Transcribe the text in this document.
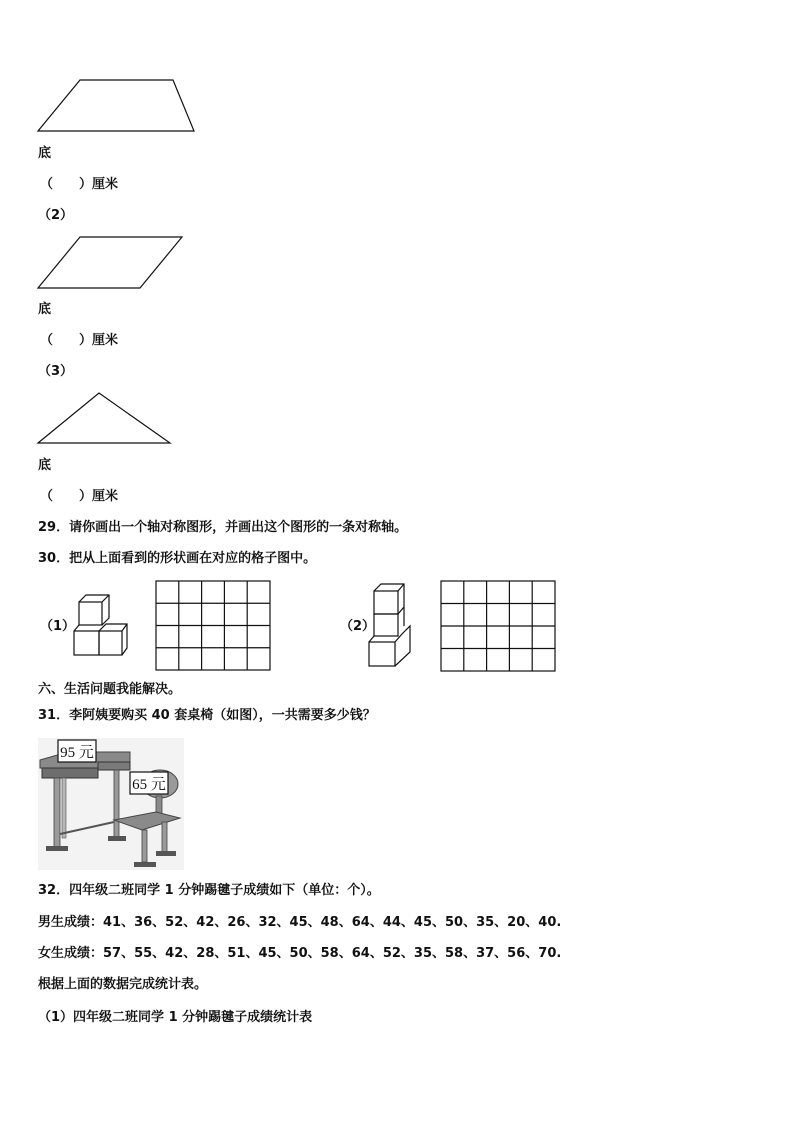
底
（　　）厘米
（2）
底
（　　）厘米
（3）
底
（　　）厘米
29．请你画出一个轴对称图形，并画出这个图形的一条对称轴。
30．把从上面看到的形状画在对应的格子图中。
（1）	（2）
六、生活问题我能解决。
31．李阿姨要购买 40 套桌椅（如图），一共需要多少钱？
95 元
65 元
32．四年级二班同学 1 分钟踢毽子成绩如下（单位：个）。
男生成绩：41、36、52、42、26、32、45、48、64、44、45、50、35、20、40.
女生成绩：57、55、42、28、51、45、50、58、64、52、35、58、37、56、70.
根据上面的数据完成统计表。
（1）四年级二班同学 1 分钟踢毽子成绩统计表
